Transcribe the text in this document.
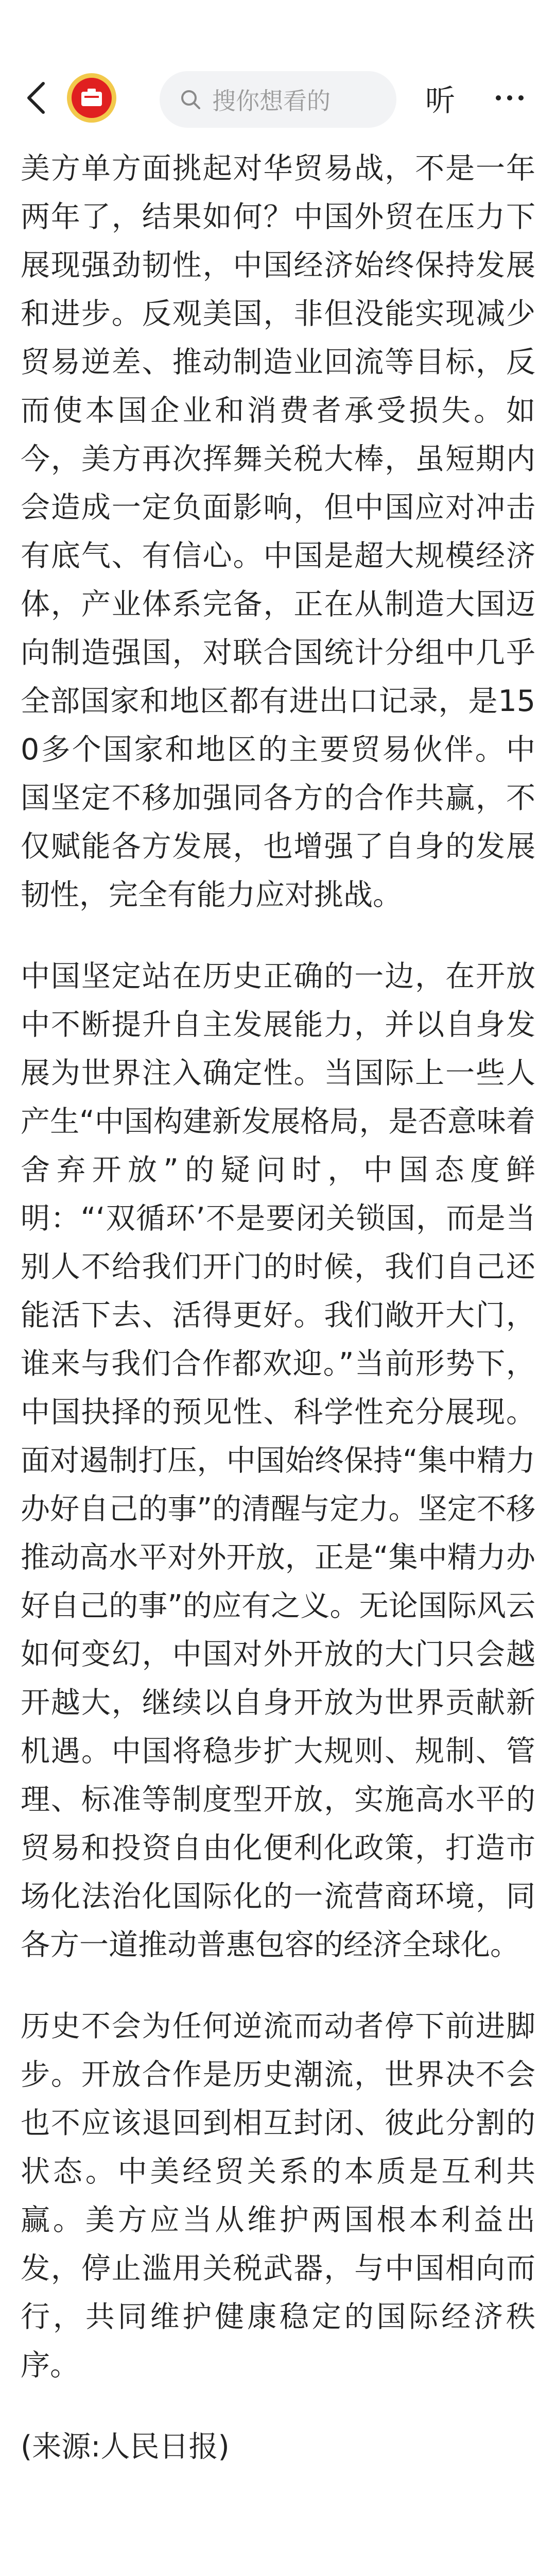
搜你想看的	听

美方单方面挑起对华贸易战，不是一年两年了，结果如何？中国外贸在压力下展现强劲韧性，中国经济始终保持发展和进步。反观美国，非但没能实现减少贸易逆差、推动制造业回流等目标，反而使本国企业和消费者承受损失。如今，美方再次挥舞关税大棒，虽短期内会造成一定负面影响，但中国应对冲击有底气、有信心。中国是超大规模经济体，产业体系完备，正在从制造大国迈向制造强国，对联合国统计分组中几乎全部国家和地区都有进出口记录，是150多个国家和地区的主要贸易伙伴。中国坚定不移加强同各方的合作共赢，不仅赋能各方发展，也增强了自身的发展韧性，完全有能力应对挑战。

中国坚定站在历史正确的一边，在开放中不断提升自主发展能力，并以自身发展为世界注入确定性。当国际上一些人产生“中国构建新发展格局，是否意味着舍弃开放”的疑问时，中国态度鲜明：“‘双循环’不是要闭关锁国，而是当别人不给我们开门的时候，我们自己还能活下去、活得更好。我们敞开大门，谁来与我们合作都欢迎。”当前形势下，中国抉择的预见性、科学性充分展现。面对遏制打压，中国始终保持“集中精力办好自己的事”的清醒与定力。坚定不移推动高水平对外开放，正是“集中精力办好自己的事”的应有之义。无论国际风云如何变幻，中国对外开放的大门只会越开越大，继续以自身开放为世界贡献新机遇。中国将稳步扩大规则、规制、管理、标准等制度型开放，实施高水平的贸易和投资自由化便利化政策，打造市场化法治化国际化的一流营商环境，同各方一道推动普惠包容的经济全球化。

历史不会为任何逆流而动者停下前进脚步。开放合作是历史潮流，世界决不会也不应该退回到相互封闭、彼此分割的状态。中美经贸关系的本质是互利共赢。美方应当从维护两国根本利益出发，停止滥用关税武器，与中国相向而行，共同维护健康稳定的国际经济秩序。

(来源:人民日报)
